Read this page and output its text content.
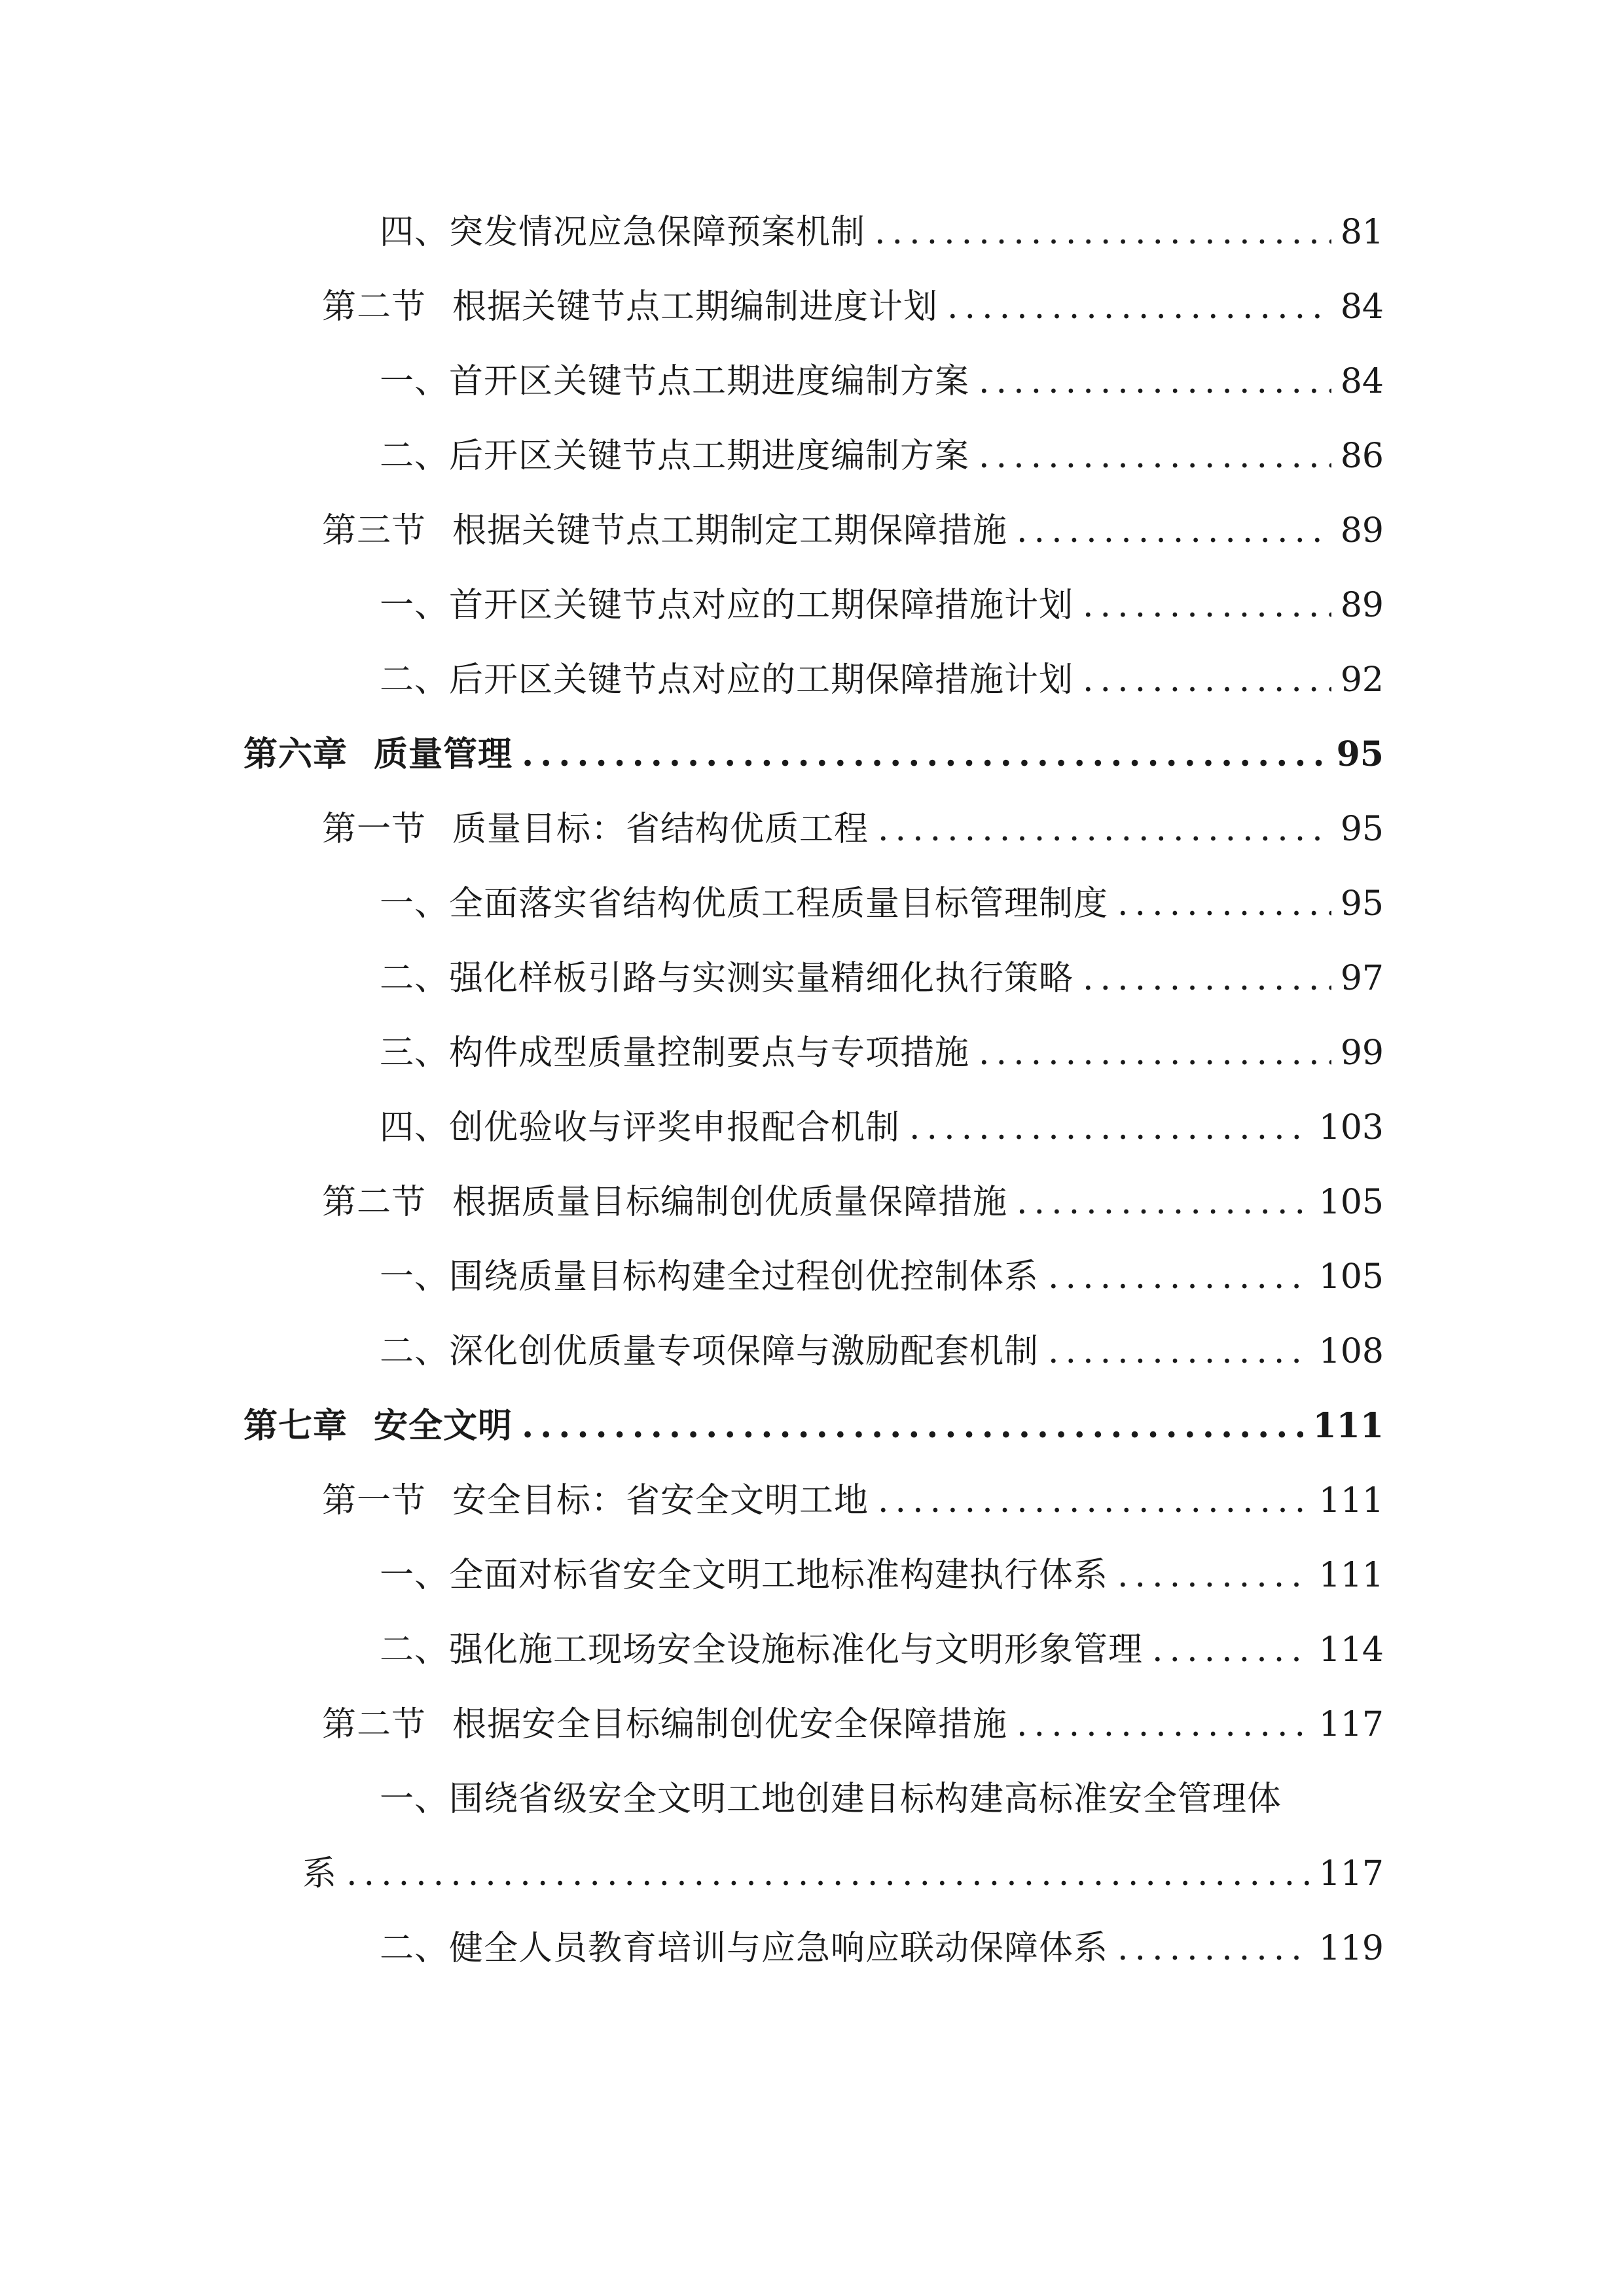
四、突发情况应急保障预案机制 .....	81
第二节 根据关键节点工期编制进度计划 .....	84
一、首开区关键节点工期进度编制方案 .....	84
二、后开区关键节点工期进度编制方案 .....	86
第三节 根据关键节点工期制定工期保障措施 .....	89
一、首开区关键节点对应的工期保障措施计划 .....	89
二、后开区关键节点对应的工期保障措施计划 .....	92
第六章 质量管理 .....	95
第一节 质量目标：省结构优质工程 .....	95
一、全面落实省结构优质工程质量目标管理制度 .....	95
二、强化样板引路与实测实量精细化执行策略 .....	97
三、构件成型质量控制要点与专项措施 .....	99
四、创优验收与评奖申报配合机制 .....	103
第二节 根据质量目标编制创优质量保障措施 .....	105
一、围绕质量目标构建全过程创优控制体系 .....	105
二、深化创优质量专项保障与激励配套机制 .....	108
第七章 安全文明 .....	111
第一节 安全目标：省安全文明工地 .....	111
一、全面对标省安全文明工地标准构建执行体系 .....	111
二、强化施工现场安全设施标准化与文明形象管理 .....	114
第二节 根据安全目标编制创优安全保障措施 .....	117
一、围绕省级安全文明工地创建目标构建高标准安全管理体
系 .....	117
二、健全人员教育培训与应急响应联动保障体系 .....	119
